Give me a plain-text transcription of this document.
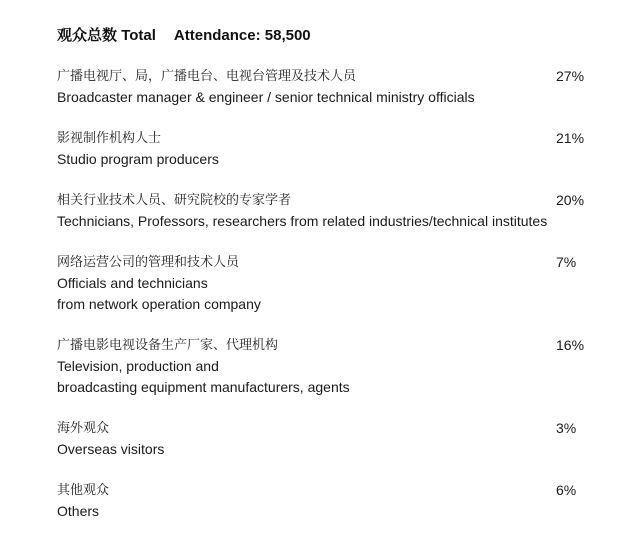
观众总数 Total Attendance: 58,500
广播电视厅、局，广播电台、电视台管理及技术人员
Broadcaster manager & engineer / senior technical ministry officials
27%
影视制作机构人士
Studio program producers
21%
相关行业技术人员、研究院校的专家学者
Technicians, Professors, researchers from related industries/technical institutes
20%
网络运营公司的管理和技术人员
Officials and technicians
from network operation company
7%
广播电影电视设备生产厂家、代理机构
Television, production and
broadcasting equipment manufacturers, agents
16%
海外观众
Overseas visitors
3%
其他观众
Others
6%
